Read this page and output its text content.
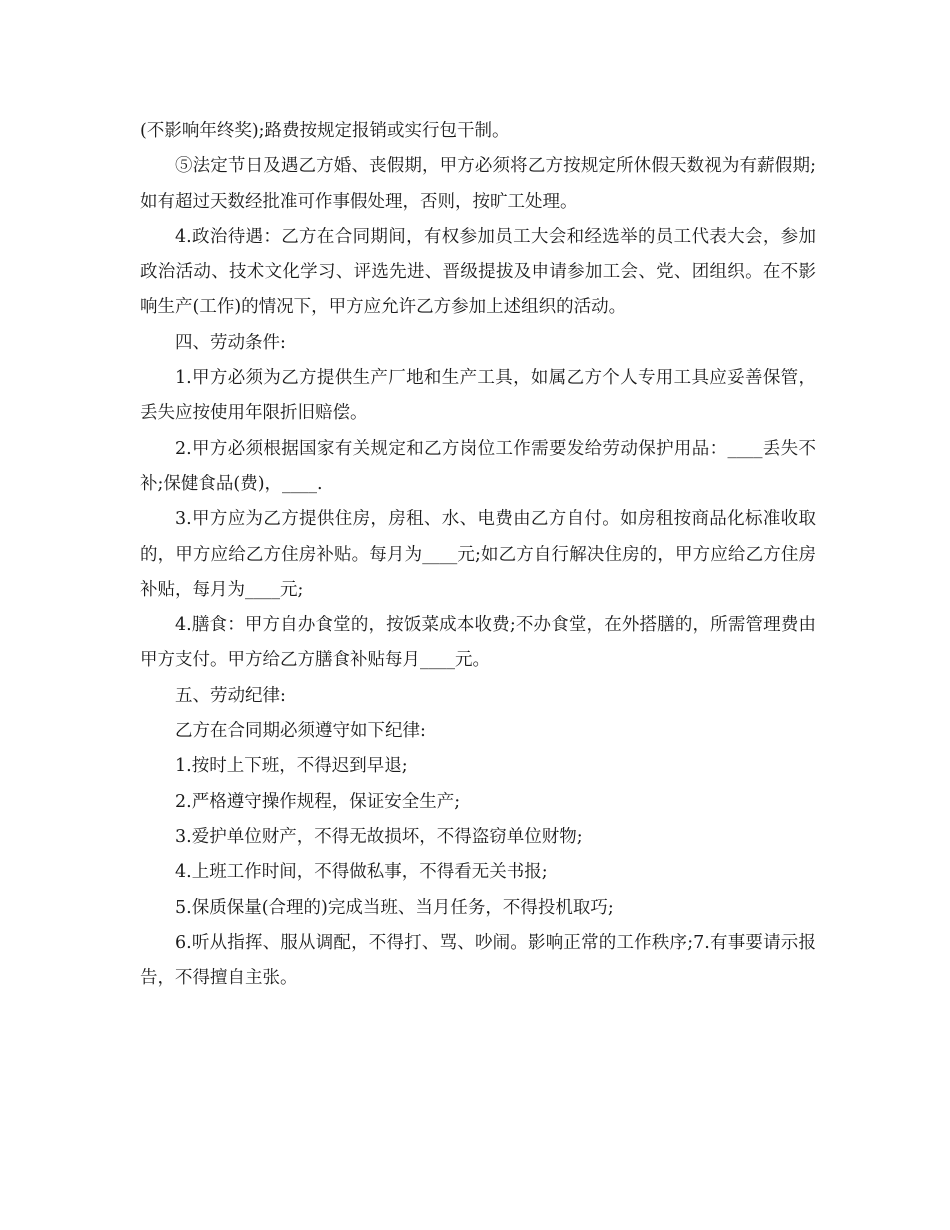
(不影响年终奖);路费按规定报销或实行包干制。

⑤法定节日及遇乙方婚、丧假期，甲方必须将乙方按规定所休假天数视为有薪假期;如有超过天数经批准可作事假处理，否则，按旷工处理。

4.政治待遇：乙方在合同期间，有权参加员工大会和经选举的员工代表大会，参加政治活动、技术文化学习、评选先进、晋级提拔及申请参加工会、党、团组织。在不影响生产(工作)的情况下，甲方应允许乙方参加上述组织的活动。

四、劳动条件:

1.甲方必须为乙方提供生产厂地和生产工具，如属乙方个人专用工具应妥善保管，丢失应按使用年限折旧赔偿。

2.甲方必须根据国家有关规定和乙方岗位工作需要发给劳动保护用品：____丢失不补;保健食品(费)，____.

3.甲方应为乙方提供住房，房租、水、电费由乙方自付。如房租按商品化标准收取的，甲方应给乙方住房补贴。每月为____元;如乙方自行解决住房的，甲方应给乙方住房补贴，每月为____元;

4.膳食：甲方自办食堂的，按饭菜成本收费;不办食堂，在外搭膳的，所需管理费由甲方支付。甲方给乙方膳食补贴每月____元。

五、劳动纪律:

乙方在合同期必须遵守如下纪律:

1.按时上下班，不得迟到早退;

2.严格遵守操作规程，保证安全生产;

3.爱护单位财产，不得无故损坏，不得盗窃单位财物;

4.上班工作时间，不得做私事，不得看无关书报;

5.保质保量(合理的)完成当班、当月任务，不得投机取巧;

6.听从指挥、服从调配，不得打、骂、吵闹。影响正常的工作秩序;7.有事要请示报告，不得擅自主张。
